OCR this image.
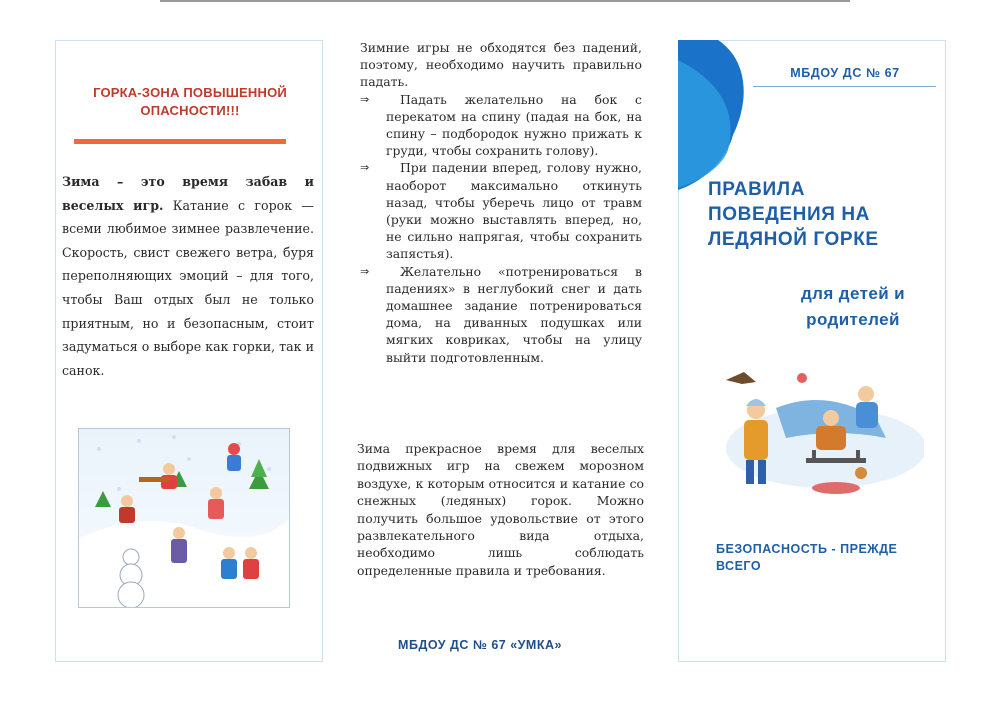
ГОРКА-ЗОНА ПОВЫШЕННОЙ ОПАСНОСТИ!!!
Зима – это время забав и веселых игр. Катание с горок — всеми любимое зимнее развлечение. Скорость, свист свежего ветра, буря переполняющих эмоций – для того, чтобы Ваш отдых был не только приятным, но и безопасным, стоит задуматься о выборе как горки, так и санок.

Зимние игры не обходятся без падений, поэтому, необходимо научить правильно падать.

⇒ Падать желательно на бок с перекатом на спину (падая на бок, на спину – подбородок нужно прижать к груди, чтобы сохранить голову).

⇒ При падении вперед, голову нужно, наоборот максимально откинуть назад, чтобы уберечь лицо от травм (руки можно выставлять вперед, но, не сильно напрягая, чтобы сохранить запястья).

⇒ Желательно «потренироваться в падениях» в неглубокий снег и дать домашнее задание потренироваться дома, на диванных подушках или мягких ковриках, чтобы на улицу выйти подготовленным.

Зима прекрасное время для веселых подвижных игр на свежем морозном воздухе, к которым относится и катание со снежных (ледяных) горок. Можно получить большое удовольствие от этого развлекательного вида отдыха, необходимо лишь соблюдать определенные правила и требования.
МБДОУ ДС № 67 «УМКА»
МБДОУ ДС № 67
ПРАВИЛА
ПОВЕДЕНИЯ НА
ЛЕДЯНОЙ ГОРКЕ
для детей и
родителей
БЕЗОПАСНОСТЬ - ПРЕЖДЕ
ВСЕГО
